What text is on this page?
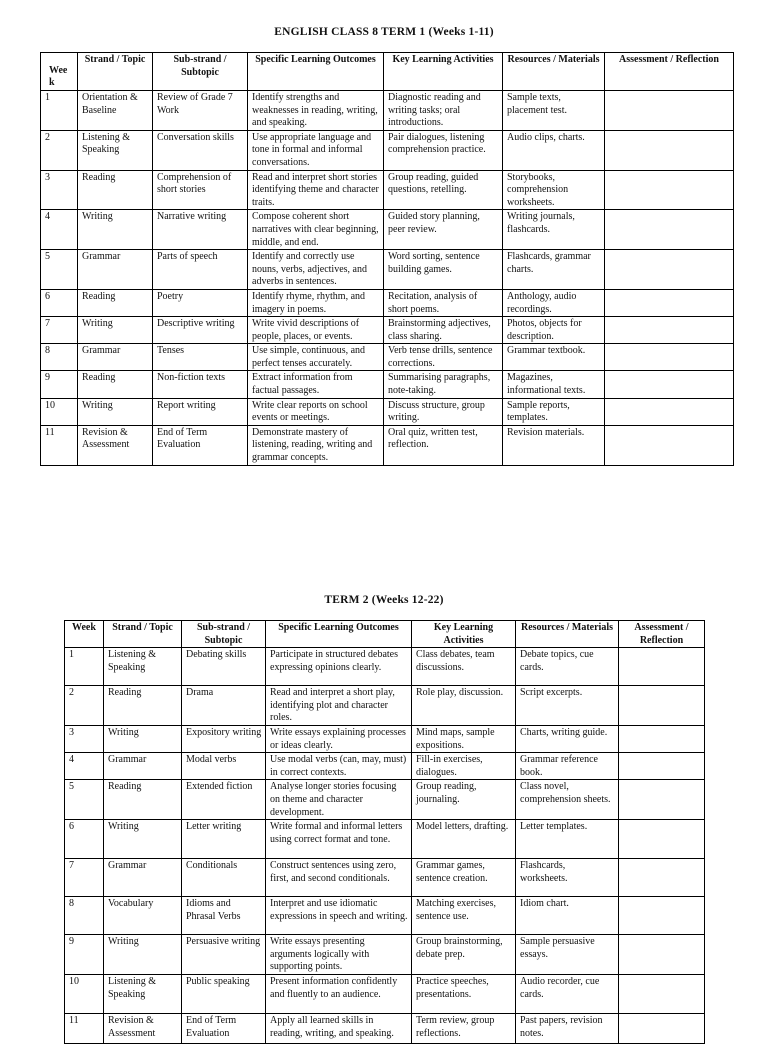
ENGLISH CLASS 8 TERM 1 (Weeks 1-11)
Wee k	Strand / Topic	Sub-strand / Subtopic	Specific Learning Outcomes	Key Learning Activities	Resources / Materials	Assessment / Reflection
1	Orientation & Baseline	Review of Grade 7 Work	Identify strengths and weaknesses in reading, writing, and speaking.	Diagnostic reading and writing tasks; oral introductions.	Sample texts, placement test.	
2	Listening & Speaking	Conversation skills	Use appropriate language and tone in formal and informal conversations.	Pair dialogues, listening comprehension practice.	Audio clips, charts.	
3	Reading	Comprehension of short stories	Read and interpret short stories identifying theme and character traits.	Group reading, guided questions, retelling.	Storybooks, comprehension worksheets.	
4	Writing	Narrative writing	Compose coherent short narratives with clear beginning, middle, and end.	Guided story planning, peer review.	Writing journals, flashcards.	
5	Grammar	Parts of speech	Identify and correctly use nouns, verbs, adjectives, and adverbs in sentences.	Word sorting, sentence building games.	Flashcards, grammar charts.	
6	Reading	Poetry	Identify rhyme, rhythm, and imagery in poems.	Recitation, analysis of short poems.	Anthology, audio recordings.	
7	Writing	Descriptive writing	Write vivid descriptions of people, places, or events.	Brainstorming adjectives, class sharing.	Photos, objects for description.	
8	Grammar	Tenses	Use simple, continuous, and perfect tenses accurately.	Verb tense drills, sentence corrections.	Grammar textbook.	
9	Reading	Non-fiction texts	Extract information from factual passages.	Summarising paragraphs, note-taking.	Magazines, informational texts.	
10	Writing	Report writing	Write clear reports on school events or meetings.	Discuss structure, group writing.	Sample reports, templates.	
11	Revision & Assessment	End of Term Evaluation	Demonstrate mastery of listening, reading, writing and grammar concepts.	Oral quiz, written test, reflection.	Revision materials.	
TERM 2 (Weeks 12-22)
Week	Strand / Topic	Sub-strand / Subtopic	Specific Learning Outcomes	Key Learning Activities	Resources / Materials	Assessment / Reflection
1	Listening & Speaking	Debating skills	Participate in structured debates expressing opinions clearly.	Class debates, team discussions.	Debate topics, cue cards.	
2	Reading	Drama	Read and interpret a short play, identifying plot and character roles.	Role play, discussion.	Script excerpts.	
3	Writing	Expository writing	Write essays explaining processes or ideas clearly.	Mind maps, sample expositions.	Charts, writing guide.	
4	Grammar	Modal verbs	Use modal verbs (can, may, must) in correct contexts.	Fill-in exercises, dialogues.	Grammar reference book.	
5	Reading	Extended fiction	Analyse longer stories focusing on theme and character development.	Group reading, journaling.	Class novel, comprehension sheets.	
6	Writing	Letter writing	Write formal and informal letters using correct format and tone.	Model letters, drafting.	Letter templates.	
7	Grammar	Conditionals	Construct sentences using zero, first, and second conditionals.	Grammar games, sentence creation.	Flashcards, worksheets.	
8	Vocabulary	Idioms and Phrasal Verbs	Interpret and use idiomatic expressions in speech and writing.	Matching exercises, sentence use.	Idiom chart.	
9	Writing	Persuasive writing	Write essays presenting arguments logically with supporting points.	Group brainstorming, debate prep.	Sample persuasive essays.	
10	Listening & Speaking	Public speaking	Present information confidently and fluently to an audience.	Practice speeches, presentations.	Audio recorder, cue cards.	
11	Revision & Assessment	End of Term Evaluation	Apply all learned skills in reading, writing, and speaking.	Term review, group reflections.	Past papers, revision notes.	
